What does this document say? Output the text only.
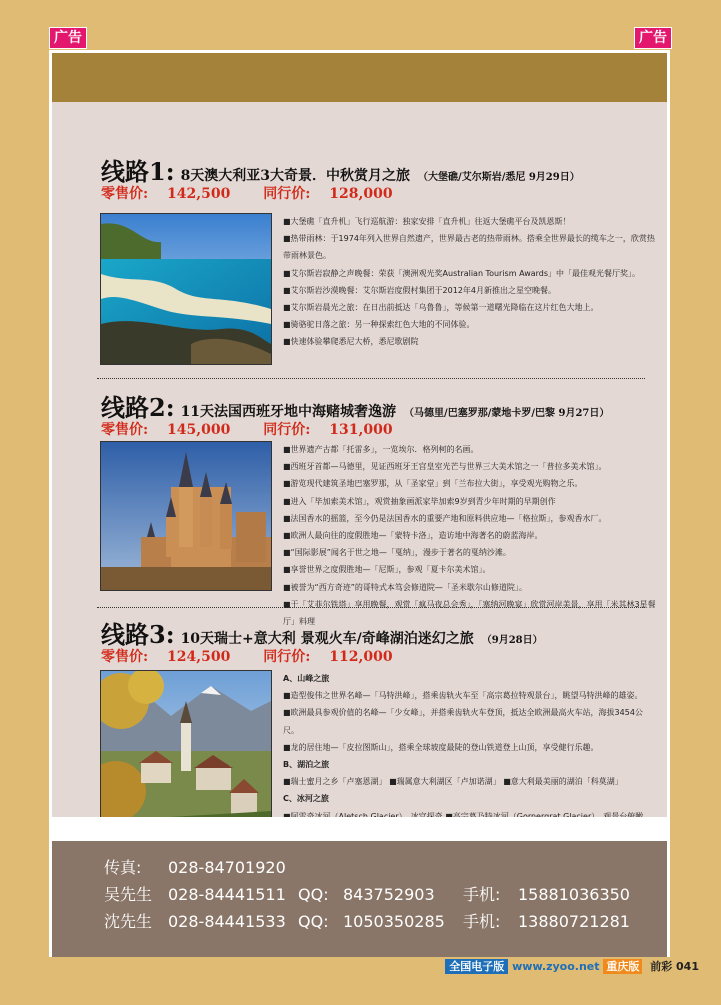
广告	广告
线路1: 8天澳大利亚3大奇景．中秋赏月之旅 （大堡礁/艾尔斯岩/悉尼 9月29日）
零售价: 142,500 同行价: 128,000
■大堡礁「直升机」飞行巡航游：独家安排「直升机」往返大堡礁平台及凯恩斯！
■热带雨林：于1974年列入世界自然遗产，世界最古老的热带雨林。搭乘全世界最长的缆车之一，欣赏热带雨林景色。
■艾尔斯岩寂静之声晚餐：荣获「澳洲观光奖Australian Tourism Awards」中「最佳观光餐厅奖」。
■艾尔斯岩沙漠晚餐：艾尔斯岩度假村集团于2012年4月新推出之星空晚餐。
■艾尔斯岩晨光之旅：在日出前抵达「乌鲁鲁」，等候第一道曙光降临在这片红色大地上。
■骑骆驼日落之旅：另一种探索红色大地的不同体验。
■快速体验攀爬悉尼大桥，悉尼歌剧院
线路2: 11天法国西班牙地中海赌城奢逸游 （马德里/巴塞罗那/蒙地卡罗/巴黎 9月27日）
零售价: 145,000 同行价: 131,000
■世界遗产古都「托雷多」，一览埃尔．格列柯的名画。
■西班牙首都—马德里，见证西班牙王宫皇室光芒与世界三大美术馆之一「普拉多美术馆」。
■游览现代建筑圣地巴塞罗那，从「圣家堂」到「兰布拉大街」，享受观光购物之乐。
■进入「毕加索美术馆」，观赏抽象画派家毕加索9岁到青少年时期的早期创作
■法国香水的摇篮，至今仍是法国香水的重要产地和原料供应地—「格拉斯」，参观香水厂。
■欧洲人最向往的度假胜地—「蒙特卡洛」，造访地中海著名的蔚蓝海岸。
■“国际影展”闻名于世之地—「戛纳」，漫步于著名的戛纳沙滩。
■享誉世界之度假胜地—「尼斯」，参观「夏卡尔美术馆」。
■被誉为“西方奇迹”的哥特式本笃会修道院—「圣米歇尔山修道院」。
■于「艾菲尔铁塔」享用晚餐，观赏「疯马夜总会秀」，「塞纳河晚宴」欣赏河岸美景，享用「米其林3星餐厅」料理
线路3: 10天瑞士+意大利 景观火车/奇峰湖泊迷幻之旅 （9月28日）
零售价: 124,500 同行价: 112,000
A、山峰之旅
■造型俊伟之世界名峰—「马特洪峰」，搭乘齿轨火车至「高宗葛拉特观景台」，眺望马特洪峰的雄姿。
■欧洲最具参观价值的名峰—「少女峰」，并搭乘齿轨火车登顶，抵达全欧洲最高火车站，海拔3454公尺。
■龙的居住地—「皮拉图斯山」，搭乘全球坡度最陡的登山铁道登上山顶，享受健行乐趣。
B、湖泊之旅
■瑞士蜜月之乡「卢塞恩湖」 ■瑞属意大利湖区「卢加诺湖」 ■意大利最美丽的湖泊「科莫湖」
C、冰河之旅
传真: 028-84701920
吴先生 028-84441511 QQ: 843752903 手机: 15881036350
沈先生 028-84441533 QQ: 1050350285 手机: 13880721281
全国电子版 www.zyoo.net 重庆版 前彩 041
